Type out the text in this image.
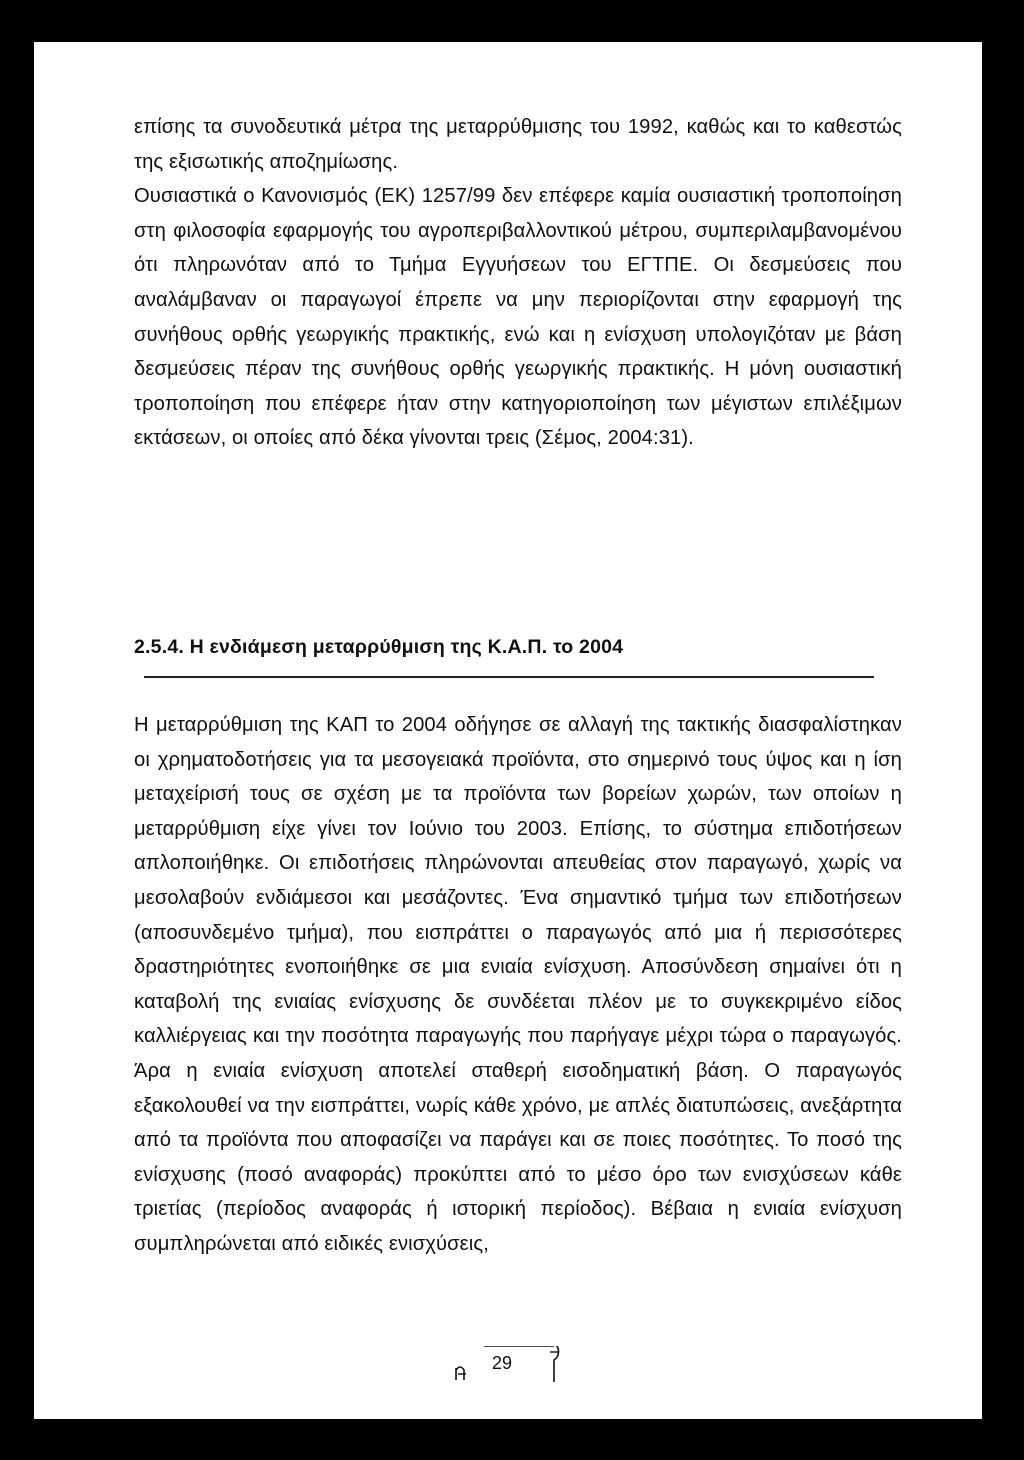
επίσης τα συνοδευτικά μέτρα της μεταρρύθμισης του 1992, καθώς και το καθεστώς της εξισωτικής αποζημίωσης.

Ουσιαστικά ο Κανονισμός (ΕΚ) 1257/99 δεν επέφερε καμία ουσιαστική τροποποίηση στη φιλοσοφία εφαρμογής του αγροπεριβαλλοντικού μέτρου, συμπεριλαμβανομένου ότι πληρωνόταν από το Τμήμα Εγγυήσεων του ΕΓΤΠΕ. Οι δεσμεύσεις που αναλάμβαναν οι παραγωγοί έπρεπε να μην περιορίζονται στην εφαρμογή της συνήθους ορθής γεωργικής πρακτικής, ενώ και η ενίσχυση υπολογιζόταν με βάση δεσμεύσεις πέραν της συνήθους ορθής γεωργικής πρακτικής. Η μόνη ουσιαστική τροποποίηση που επέφερε ήταν στην κατηγοριοποίηση των μέγιστων επιλέξιμων εκτάσεων, οι οποίες από δέκα γίνονται τρεις (Σέμος, 2004:31).

2.5.4. Η ενδιάμεση μεταρρύθμιση της Κ.Α.Π. το 2004

Η μεταρρύθμιση της ΚΑΠ το 2004 οδήγησε σε αλλαγή της τακτικής διασφαλίστηκαν οι χρηματοδοτήσεις για τα μεσογειακά προϊόντα, στο σημερινό τους ύψος και η ίση μεταχείρισή τους σε σχέση με τα προϊόντα των βορείων χωρών, των οποίων η μεταρρύθμιση είχε γίνει τον Ιούνιο του 2003. Επίσης, το σύστημα επιδοτήσεων απλοποιήθηκε. Οι επιδοτήσεις πληρώνονται απευθείας στον παραγωγό, χωρίς να μεσολαβούν ενδιάμεσοι και μεσάζοντες. Ένα σημαντικό τμήμα των επιδοτήσεων (αποσυνδεμένο τμήμα), που εισπράττει ο παραγωγός από μια ή περισσότερες δραστηριότητες ενοποιήθηκε σε μια ενιαία ενίσχυση. Αποσύνδεση σημαίνει ότι η καταβολή της ενιαίας ενίσχυσης δε συνδέεται πλέον με το συγκεκριμένο είδος καλλιέργειας και την ποσότητα παραγωγής που παρήγαγε μέχρι τώρα ο παραγωγός. Άρα η ενιαία ενίσχυση αποτελεί σταθερή εισοδηματική βάση. Ο παραγωγός εξακολουθεί να την εισπράττει, νωρίς κάθε χρόνο, με απλές διατυπώσεις, ανεξάρτητα από τα προϊόντα που αποφασίζει να παράγει και σε ποιες ποσότητες. Το ποσό της ενίσχυσης (ποσό αναφοράς) προκύπτει από το μέσο όρο των ενισχύσεων κάθε τριετίας (περίοδος αναφοράς ή ιστορική περίοδος). Βέβαια η ενιαία ενίσχυση συμπληρώνεται από ειδικές ενισχύσεις,

29
